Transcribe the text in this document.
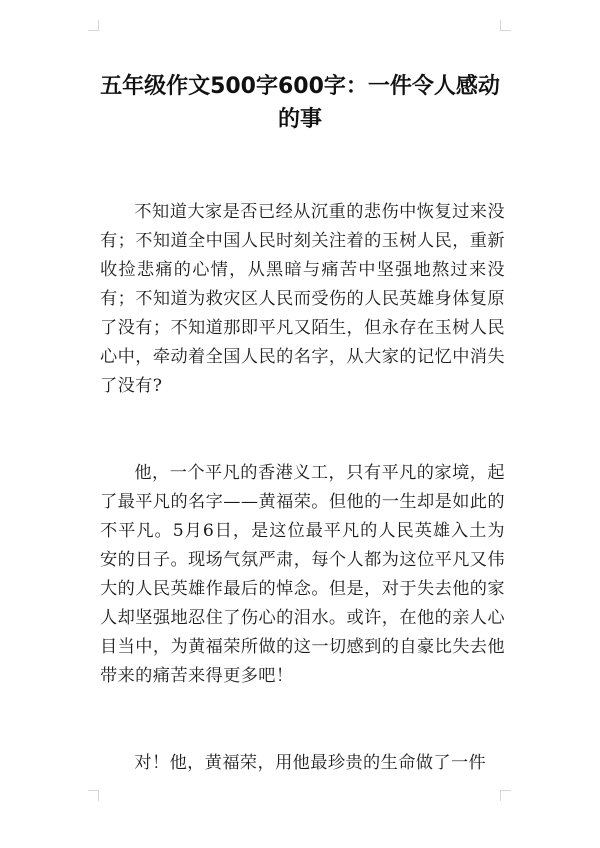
五年级作文500字600字：一件令人感动的事

不知道大家是否已经从沉重的悲伤中恢复过来没有；不知道全中国人民时刻关注着的玉树人民，重新收捡悲痛的心情，从黑暗与痛苦中坚强地熬过来没有；不知道为救灾区人民而受伤的人民英雄身体复原了没有；不知道那即平凡又陌生，但永存在玉树人民心中，牵动着全国人民的名字，从大家的记忆中消失了没有?

他，一个平凡的香港义工，只有平凡的家境，起了最平凡的名字——黄福荣。但他的一生却是如此的不平凡。5月6日，是这位最平凡的人民英雄入土为安的日子。现场气氛严肃，每个人都为这位平凡又伟大的人民英雄作最后的悼念。但是，对于失去他的家人却坚强地忍住了伤心的泪水。或许，在他的亲人心目当中，为黄福荣所做的这一切感到的自豪比失去他带来的痛苦来得更多吧！

对！他，黄福荣，用他最珍贵的生命做了一件
